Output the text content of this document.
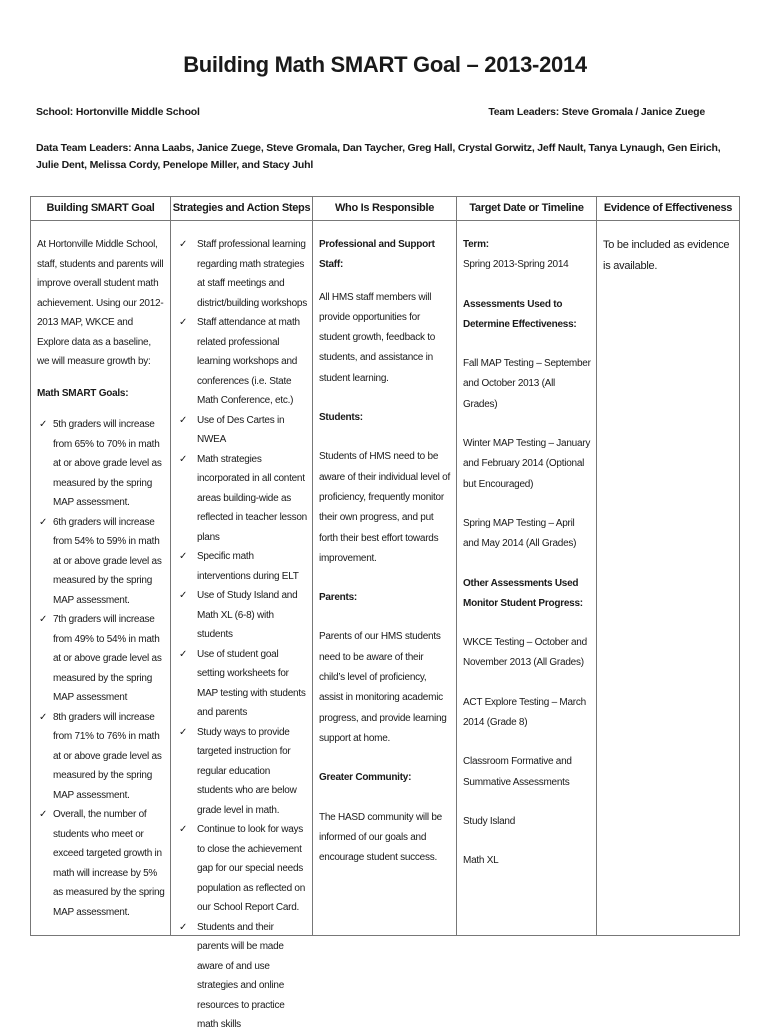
Building Math SMART Goal – 2013-2014
School: Hortonville Middle School	Team Leaders: Steve Gromala / Janice Zuege
Data Team Leaders: Anna Laabs, Janice Zuege, Steve Gromala, Dan Taycher, Greg Hall, Crystal Gorwitz, Jeff Nault, Tanya Lynaugh, Gen Eirich, Julie Dent, Melissa Cordy, Penelope Miller, and Stacy Juhl
Building SMART Goal

At Hortonville Middle School, staff, students and parents will improve overall student math achievement. Using our 2012-2013 MAP, WKCE and Explore data as a baseline, we will measure growth by:

Math SMART Goals:

✓ 5th graders will increase from 65% to 70% in math at or above grade level as measured by the spring MAP assessment.
✓ 6th graders will increase from 54% to 59% in math at or above grade level as measured by the spring MAP assessment.
✓ 7th graders will increase from 49% to 54% in math at or above grade level as measured by the spring MAP assessment
✓ 8th graders will increase from 71% to 76% in math at or above grade level as measured by the spring MAP assessment.
✓ Overall, the number of students who meet or exceed targeted growth in math will increase by 5% as measured by the spring MAP assessment.
Strategies and Action Steps
✓ Staff professional learning regarding math strategies at staff meetings and district/building workshops
✓ Staff attendance at math related professional learning workshops and conferences (i.e. State Math Conference, etc.)
✓ Use of Des Cartes in NWEA
✓ Math strategies incorporated in all content areas building-wide as reflected in teacher lesson plans
✓ Specific math interventions during ELT
✓ Use of Study Island and Math XL (6-8) with students
✓ Use of student goal setting worksheets for MAP testing with students and parents
✓ Study ways to provide targeted instruction for regular education students who are below grade level in math.
✓ Continue to look for ways to close the achievement gap for our special needs population as reflected on our School Report Card.
✓ Students and their parents will be made aware of and use strategies and online resources to practice math skills
Who Is Responsible

Professional and Support Staff:

All HMS staff members will provide opportunities for student growth, feedback to students, and assistance in student learning.

Students:

Students of HMS need to be aware of their individual level of proficiency, frequently monitor their own progress, and put forth their best effort towards improvement.

Parents:

Parents of our HMS students need to be aware of their child’s level of proficiency, assist in monitoring academic progress, and provide learning support at home.

Greater Community:

The HASD community will be informed of our goals and encourage student success.

Target Date or Timeline

Term:

Spring 2013-Spring 2014

Assessments Used to Determine Effectiveness:

Fall MAP Testing – September and October 2013 (All Grades)

Winter MAP Testing – January and February 2014 (Optional but Encouraged)

Spring MAP Testing – April and May 2014 (All Grades)

Other Assessments Used Monitor Student Progress:

WKCE Testing – October and November 2013 (All Grades)

ACT Explore Testing – March 2014 (Grade 8)

Classroom Formative and Summative Assessments

Study Island

Math XL

Evidence of Effectiveness

To be included as evidence is available.
